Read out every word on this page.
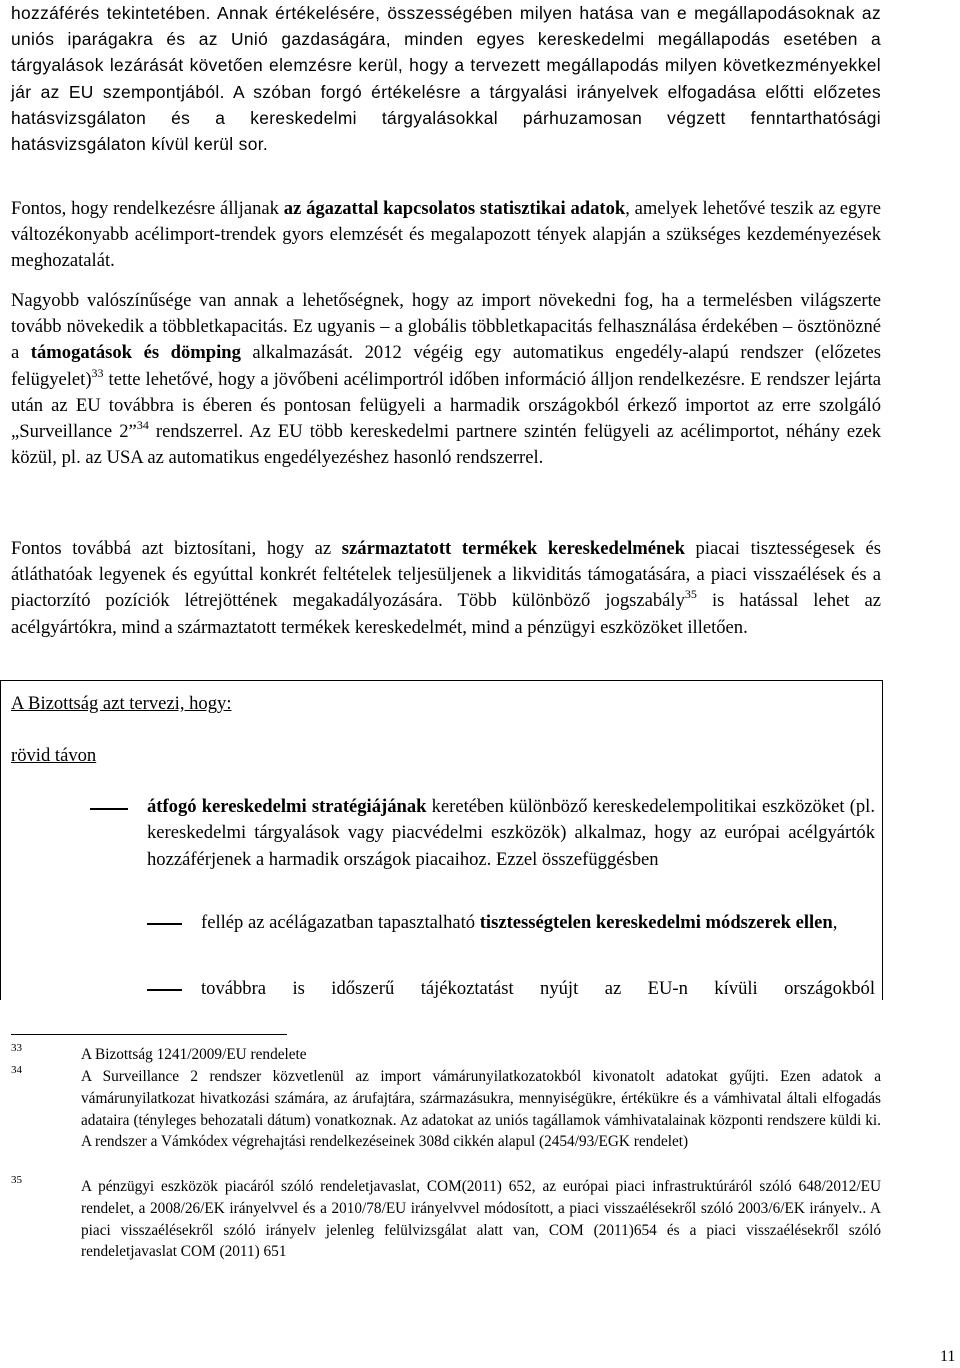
hozzáférés tekintetében. Annak értékelésére, összességében milyen hatása van e megállapodásoknak az uniós iparágakra és az Unió gazdaságára, minden egyes kereskedelmi megállapodás esetében a tárgyalások lezárását követően elemzésre kerül, hogy a tervezett megállapodás milyen következményekkel jár az EU szempontjából. A szóban forgó értékelésre a tárgyalási irányelvek elfogadása előtti előzetes hatásvizsgálaton és a kereskedelmi tárgyalásokkal párhuzamosan végzett fenntarthatósági hatásvizsgálaton kívül kerül sor.

Fontos, hogy rendelkezésre álljanak az ágazattal kapcsolatos statisztikai adatok, amelyek lehetővé teszik az egyre változékonyabb acélimport-trendek gyors elemzését és megalapozott tények alapján a szükséges kezdeményezések meghozatalát.

Nagyobb valószínűsége van annak a lehetőségnek, hogy az import növekedni fog, ha a termelésben világszerte tovább növekedik a többletkapacitás. Ez ugyanis – a globális többletkapacitás felhasználása érdekében – ösztönözné a támogatások és dömping alkalmazását. 2012 végéig egy automatikus engedély-alapú rendszer (előzetes felügyelet)$^{33}$ tette lehetővé, hogy a jövőbeni acélimportról időben információ álljon rendelkezésre. E rendszer lejárta után az EU továbbra is éberen és pontosan felügyeli a harmadik országokból érkező importot az erre szolgáló „Surveillance 2”$^{34}$ rendszerrel. Az EU több kereskedelmi partnere szintén felügyeli az acélimportot, néhány ezek közül, pl. az USA az automatikus engedélyezéshez hasonló rendszerrel.

Fontos továbbá azt biztosítani, hogy az származtatott termékek kereskedelmének piacai tisztességesek és átláthatóak legyenek és egyúttal konkrét feltételek teljesüljenek a likviditás támogatására, a piaci visszaélések és a piactorzító pozíciók létrejöttének megakadályozására. Több különböző jogszabály$^{35}$ is hatással lehet az acélgyártókra, mind a származtatott termékek kereskedelmét, mind a pénzügyi eszközöket illetően.

A Bizottság azt tervezi, hogy:
rövid távon

átfogó kereskedelmi stratégiájának keretében különböző kereskedelempolitikai eszközöket (pl. kereskedelmi tárgyalások vagy piacvédelmi eszközök) alkalmaz, hogy az európai acélgyártók hozzáférjenek a harmadik országok piacaihoz. Ezzel összefüggésben

fellép az acélágazatban tapasztalható tisztességtelen kereskedelmi módszerek ellen,

továbbra is időszerű tájékoztatást nyújt az EU-n kívüli országokból

33	A Bizottság 1241/2009/EU rendelete

34	A Surveillance 2 rendszer közvetlenül az import vámárunyilatkozatokból kivonatolt adatokat gyűjti. Ezen adatok a vámárunyilatkozat hivatkozási számára, az árufajtára, származásukra, mennyiségükre, értékükre és a vámhivatal általi elfogadás adataira (tényleges behozatali dátum) vonatkoznak. Az adatokat az uniós tagállamok vámhivatalainak központi rendszere küldi ki. A rendszer a Vámkódex végrehajtási rendelkezéseinek 308d cikkén alapul (2454/93/EGK rendelet)

35	A pénzügyi eszközök piacáról szóló rendeletjavaslat, COM(2011) 652, az európai piaci infrastruktúráról szóló 648/2012/EU rendelet, a 2008/26/EK irányelvvel és a 2010/78/EU irányelvvel módosított, a piaci visszaélésekről szóló 2003/6/EK irányelv.. A piaci visszaélésekről szóló irányelv jelenleg felülvizsgálat alatt van, COM (2011)654 és a piaci visszaélésekről szóló rendeletjavaslat COM (2011) 651

11
